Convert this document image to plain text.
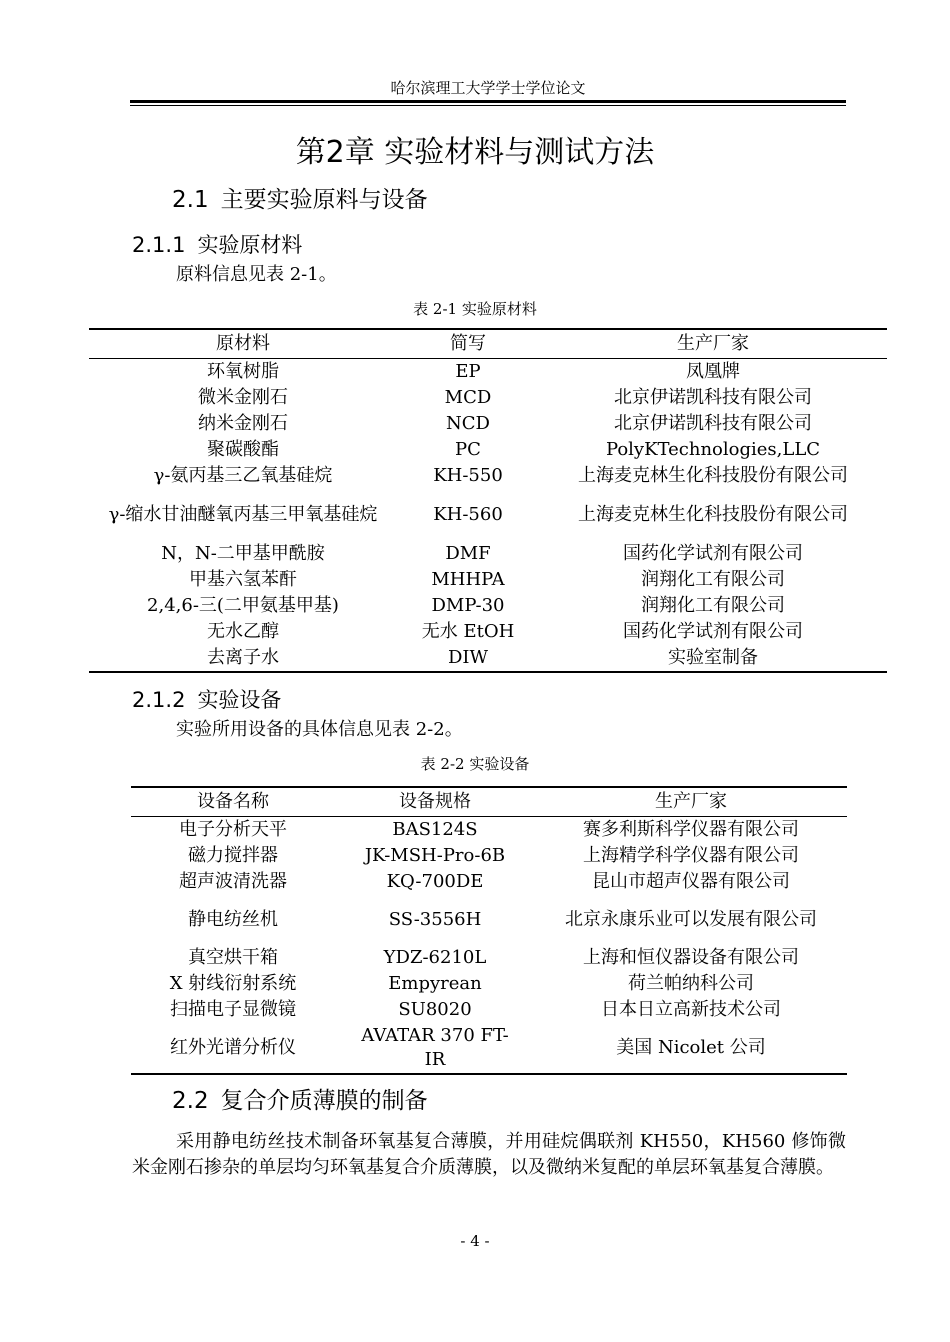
哈尔滨理工大学学士学位论文
第2章 实验材料与测试方法
2.1 主要实验原料与设备
2.1.1 实验原材料
原料信息见表 2-1。
表 2-1 实验原材料
原材料	简写	生产厂家
环氧树脂	EP	凤凰牌
微米金刚石	MCD	北京伊诺凯科技有限公司
纳米金刚石	NCD	北京伊诺凯科技有限公司
聚碳酸酯	PC	PolyKTechnologies,LLC
γ-氨丙基三乙氧基硅烷	KH-550	上海麦克林生化科技股份有限公司
γ-缩水甘油醚氧丙基三甲氧基硅烷	KH-560	上海麦克林生化科技股份有限公司
N，N-二甲基甲酰胺	DMF	国药化学试剂有限公司
甲基六氢苯酐	MHHPA	润翔化工有限公司
2,4,6-三(二甲氨基甲基)	DMP-30	润翔化工有限公司
无水乙醇	无水 EtOH	国药化学试剂有限公司
去离子水	DIW	实验室制备
2.1.2 实验设备
实验所用设备的具体信息见表 2-2。
表 2-2 实验设备
设备名称	设备规格	生产厂家
电子分析天平	BAS124S	赛多利斯科学仪器有限公司
磁力搅拌器	JK-MSH-Pro-6B	上海精学科学仪器有限公司
超声波清洗器	KQ-700DE	昆山市超声仪器有限公司
静电纺丝机	SS-3556H	北京永康乐业可以发展有限公司
真空烘干箱	YDZ-6210L	上海和恒仪器设备有限公司
X 射线衍射系统	Empyrean	荷兰帕纳科公司
扫描电子显微镜	SU8020	日本日立高新技术公司
红外光谱分析仪	AVATAR 370 FT-IR	美国 Nicolet 公司
2.2 复合介质薄膜的制备
采用静电纺丝技术制备环氧基复合薄膜，并用硅烷偶联剂 KH550，KH560 修饰微米金刚石掺杂的单层均匀环氧基复合介质薄膜，以及微纳米复配的单层环氧基复合薄膜。
- 4 -
